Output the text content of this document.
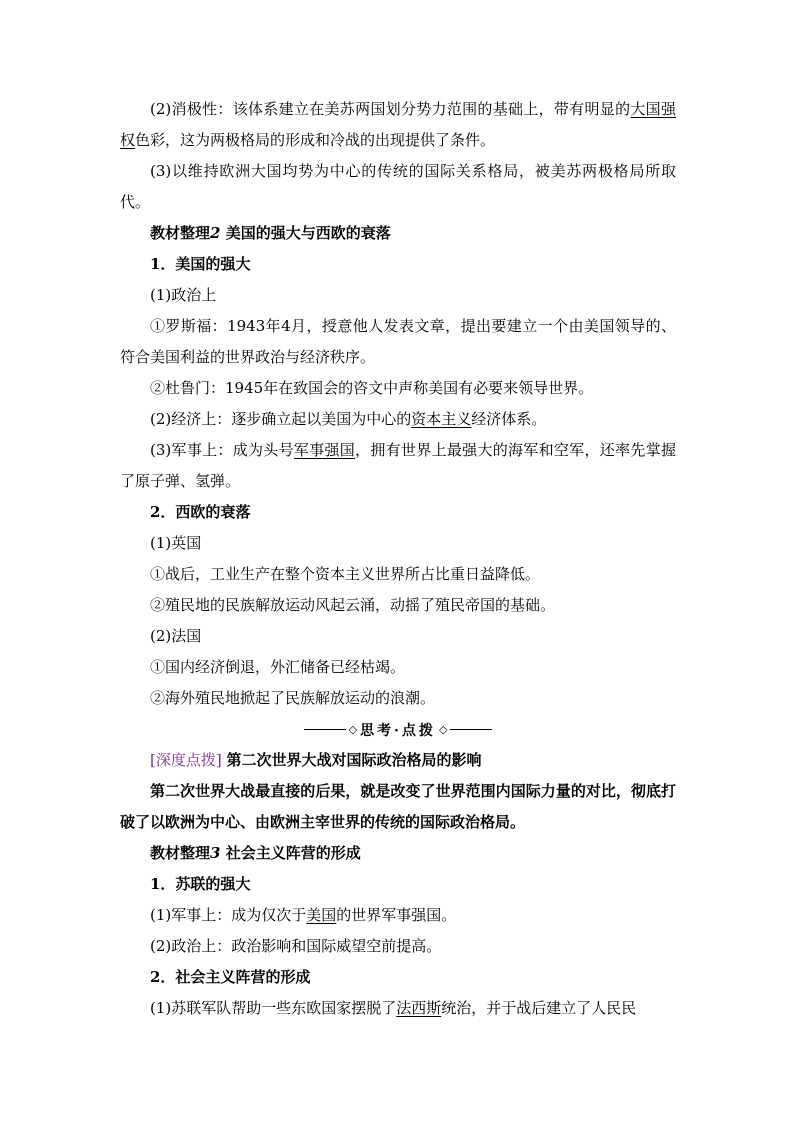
(2)消极性：该体系建立在美苏两国划分势力范围的基础上，带有明显的大国强权色彩，这为两极格局的形成和冷战的出现提供了条件。

(3)以维持欧洲大国均势为中心的传统的国际关系格局，被美苏两极格局所取代。

教材整理2 美国的强大与西欧的衰落

1．美国的强大

(1)政治上

①罗斯福：1943年4月，授意他人发表文章，提出要建立一个由美国领导的、符合美国利益的世界政治与经济秩序。

②杜鲁门：1945年在致国会的咨文中声称美国有必要来领导世界。

(2)经济上：逐步确立起以美国为中心的资本主义经济体系。

(3)军事上：成为头号军事强国，拥有世界上最强大的海军和空军，还率先掌握了原子弹、氢弹。

2．西欧的衰落

(1)英国

①战后，工业生产在整个资本主义世界所占比重日益降低。

②殖民地的民族解放运动风起云涌，动摇了殖民帝国的基础。

(2)法国

①国内经济倒退，外汇储备已经枯竭。

②海外殖民地掀起了民族解放运动的浪潮。

◇ 思考·点拨 ◇

[深度点拨] 第二次世界大战对国际政治格局的影响

第二次世界大战最直接的后果，就是改变了世界范围内国际力量的对比，彻底打破了以欧洲为中心、由欧洲主宰世界的传统的国际政治格局。

教材整理3 社会主义阵营的形成

1．苏联的强大

(1)军事上：成为仅次于美国的世界军事强国。

(2)政治上：政治影响和国际威望空前提高。

2．社会主义阵营的形成

(1)苏联军队帮助一些东欧国家摆脱了法西斯统治，并于战后建立了人民民
